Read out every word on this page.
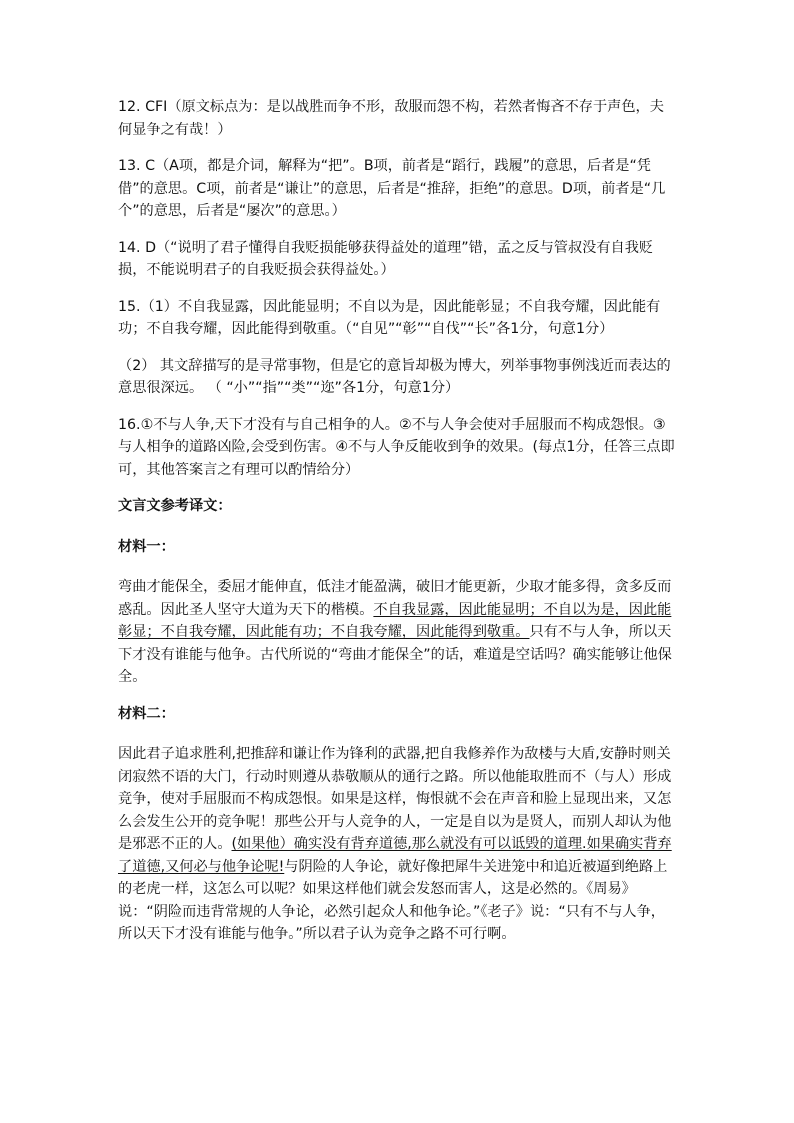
12. CFI（原文标点为：是以战胜而争不形，敌服而怨不构，若然者悔吝不存于声色，夫何显争之有哉！）

13. C（A项，都是介词，解释为“把”。B项，前者是“蹈行，践履”的意思，后者是“凭借”的意思。C项，前者是“谦让”的意思，后者是“推辞，拒绝”的意思。D项，前者是“几个”的意思，后者是“屡次”的意思。）

14. D（“说明了君子懂得自我贬损能够获得益处的道理”错，孟之反与管叔没有自我贬损，不能说明君子的自我贬损会获得益处。）

15.（1）不自我显露，因此能显明；不自以为是，因此能彰显；不自我夸耀，因此能有功；不自我夸耀，因此能得到敬重。（“自见”“彰”“自伐”“长”各1分，句意1分）

（2） 其文辞描写的是寻常事物，但是它的意旨却极为博大，列举事物事例浅近而表达的意思很深远。 （ “小”“指”“类”“迩”各1分，句意1分）

16.①不与人争,天下才没有与自己相争的人。②不与人争会使对手屈服而不构成怨恨。③与人相争的道路凶险,会受到伤害。④不与人争反能收到争的效果。(每点1分，任答三点即可，其他答案言之有理可以酌情给分）

文言文参考译文：

材料一：

弯曲才能保全，委屈才能伸直，低洼才能盈满，破旧才能更新，少取才能多得，贪多反而惑乱。因此圣人坚守大道为天下的楷模。不自我显露，因此能显明；不自以为是，因此能彰显；不自我夸耀，因此能有功；不自我夸耀，因此能得到敬重。只有不与人争，所以天下才没有谁能与他争。古代所说的“弯曲才能保全”的话，难道是空话吗？确实能够让他保全。

材料二：

因此君子追求胜利,把推辞和谦让作为锋利的武器,把自我修养作为敌楼与大盾,安静时则关闭寂然不语的大门，行动时则遵从恭敬顺从的通行之路。所以他能取胜而不（与人）形成竞争，使对手屈服而不构成怨恨。如果是这样，悔恨就不会在声音和脸上显现出来，又怎么会发生公开的竞争呢！那些公开与人竞争的人，一定是自以为是贤人，而别人却认为他是邪恶不正的人。(如果他）确实没有背弃道德,那么就没有可以诋毁的道理.如果确实背弃了道德,又何必与他争论呢!与阴险的人争论，就好像把犀牛关进笼中和追近被逼到绝路上的老虎一样，这怎么可以呢？如果这样他们就会发怒而害人，这是必然的。《周易》说：“阴险而违背常规的人争论，必然引起众人和他争论。”《老子》说：“只有不与人争，所以天下才没有谁能与他争。”所以君子认为竞争之路不可行啊。
